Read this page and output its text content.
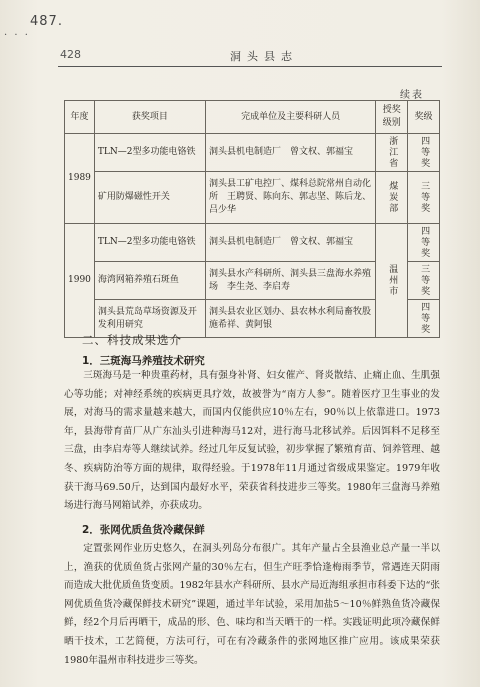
487.
· · ·
428	洞头县志
续表
年度	获奖项目	完成单位及主要科研人员	授奖级别	奖级
1989	TLN—2型多功能电铬铁	洞头县机电制造厂　曾文权、郭福宝	浙江省	四等奖
	矿用防爆磁性开关	洞头县工矿电控厂、煤科总院常州自动化所　王聘贤、陈向东、郭志坚、陈后龙、吕少华	煤炭部	三等奖
1990	TLN—2型多功能电铬铁	洞头县机电制造厂　曾文权、郭福宝	温州市	四等奖
	海湾网箱养殖石斑鱼	洞头县水产科研所、洞头县三盘海水养殖场　李生尧、李启寿		三等奖
	洞头县荒岛草场资源及开发利用研究	洞头县农业区划办、县农林水利局畜牧股　施希祥、黄阿银		四等奖
二、科技成果选介
1．三斑海马养殖技术研究

三斑海马是一种贵重药材，具有强身补肾、妇女催产、肾炎散结、止痛止血、生肌强心等功能；对神经系统的疾病更具疗效，故被誉为“南方人参”。随着医疗卫生事业的发展，对海马的需求量越来越大，而国内仅能供应10％左右，90％以上依靠进口。1973年，县海带育苗厂从广东汕头引进种海马12对，进行海马北移试养。后因饵料不足移至三盘，由李启寿等人继续试养。经过几年反复试验，初步掌握了繁殖育苗、饲养管理、越冬、疾病防治等方面的规律，取得经验。于1978年11月通过省级成果鉴定。1979年收获干海马69.50斤，达到国内最好水平，荣获省科技进步三等奖。1980年三盘海马养殖场进行海马网箱试养，亦获成功。

2．张网优质鱼货冷藏保鲜

定置张网作业历史悠久，在洞头列岛分布很广。其年产量占全县渔业总产量一半以上，渔获的优质鱼货占张网产量的30％左右，但生产旺季恰逢梅雨季节，常遇连天阴雨而造成大批优质鱼货变质。1982年县水产科研所、县水产局近海组承担市科委下达的“张网优质鱼货冷藏保鲜技术研究”课题，通过半年试验，采用加盐5～10％鲜熟鱼货冷藏保鲜，经2个月后再晒干，成品的形、色、味均和当天晒干的一样。实践证明此项冷藏保鲜晒干技术，工艺简便，方法可行，可在有冷藏条件的张网地区推广应用。该成果荣获1980年温州市科技进步三等奖。
